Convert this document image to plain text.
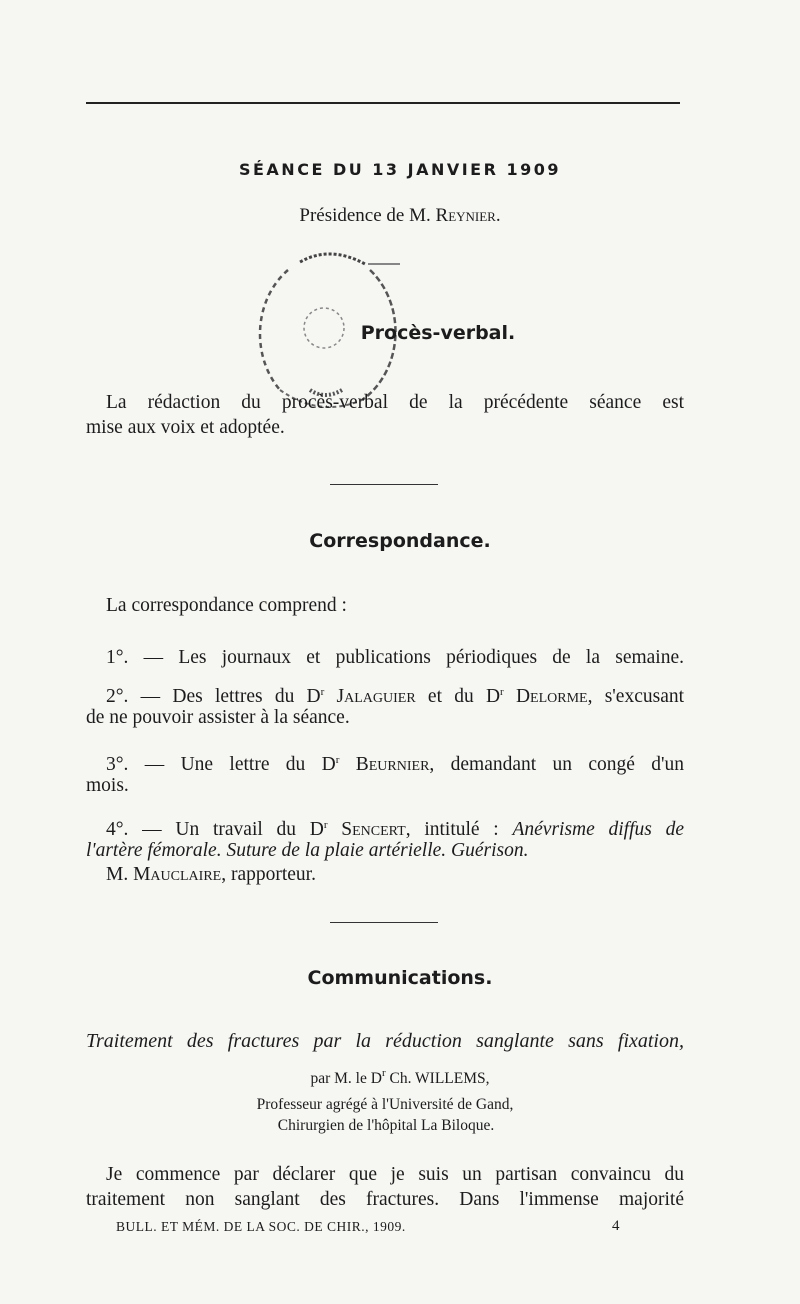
SÉANCE DU 13 JANVIER 1909
Présidence de M. Reynier.
Procès-verbal.
La rédaction du procès-verbal de la précédente séance est
mise aux voix et adoptée.
Correspondance.
La correspondance comprend :
1°. — Les journaux et publications périodiques de la semaine.
2°. — Des lettres du $D^r$ Jalaguier et du $D^r$ Delorme, s'excusant
de ne pouvoir assister à la séance.
3°. — Une lettre du $D^r$ Beurnier, demandant un congé d'un
mois.
4°. — Un travail du $D^r$ Sencert, intitulé : Anévrisme diffus de
l'artère fémorale. Suture de la plaie artérielle. Guérison.
M. Mauclaire, rapporteur.
Communications.
Traitement des fractures par la réduction sanglante sans fixation,
par M. le $D^r$ Ch. WILLEMS,
Professeur agrégé à l'Université de Gand,
Chirurgien de l'hôpital La Biloque.
Je commence par déclarer que je suis un partisan convaincu du
traitement non sanglant des fractures. Dans l'immense majorité
BULL. ET MÉM. DE LA SOC. DE CHIR., 1909.	4
